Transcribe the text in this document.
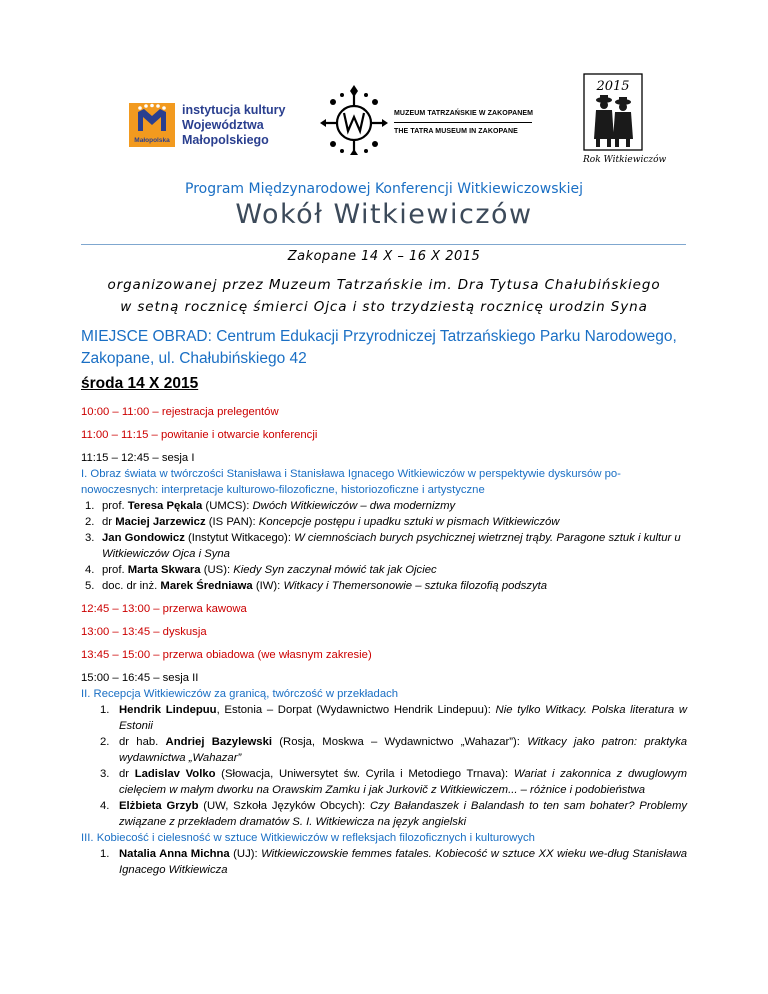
Małopolska
instytucja kultury
Województwa
Małopolskiego
MUZEUM TATRZAŃSKIE W ZAKOPANEM
THE TATRA MUSEUM IN ZAKOPANE
2015
Rok Witkiewiczów
Program Międzynarodowej Konferencji Witkiewiczowskiej
Wokół Witkiewiczów
Zakopane 14 X – 16 X 2015
organizowanej przez Muzeum Tatrzańskie im. Dra Tytusa Chałubińskiego
w setną rocznicę śmierci Ojca i sto trzydziestą rocznicę urodzin Syna
MIEJSCE OBRAD: Centrum Edukacji Przyrodniczej Tatrzańskiego Parku Narodowego,
Zakopane, ul. Chałubińskiego 42
środa 14 X 2015

10:00 – 11:00 – rejestracja prelegentów

11:00 – 11:15 – powitanie i otwarcie konferencji

11:15 – 12:45 – sesja I

I. Obraz świata w twórczości Stanisława i Stanisława Ignacego Witkiewiczów w perspektywie dyskursów po-nowoczesnych: interpretacje kulturowo-filozoficzne, historiozoficzne i artystyczne

1. prof. Teresa Pękala (UMCS): Dwóch Witkiewiczów – dwa modernizmy
2. dr Maciej Jarzewicz (IS PAN): Koncepcje postępu i upadku sztuki w pismach Witkiewiczów
3. Jan Gondowicz (Instytut Witkacego): W ciemnościach burych psychicznej wietrznej trąby. Paragone sztuk i kultur u Witkiewiczów Ojca i Syna
4. prof. Marta Skwara (US): Kiedy Syn zaczynał mówić tak jak Ojciec
5. doc. dr inż. Marek Średniawa (IW): Witkacy i Themersonowie – sztuka filozofią podszyta

12:45 – 13:00 – przerwa kawowa

13:00 – 13:45 – dyskusja

13:45 – 15:00 – przerwa obiadowa (we własnym zakresie)

15:00 – 16:45 – sesja II

II. Recepcja Witkiewiczów za granicą, twórczość w przekładach

1. Hendrik Lindepuu, Estonia – Dorpat (Wydawnictwo Hendrik Lindepuu): Nie tylko Witkacy. Polska literatura w Estonii
2. dr hab. Andriej Bazylewski (Rosja, Moskwa – Wydawnictwo „Wahazar”): Witkacy jako patron: praktyka wydawnictwa „Wahazar”
3. dr Ladislav Volko (Słowacja, Uniwersytet św. Cyrila i Metodiego Trnava): Wariat i zakonnica z dwuglowym cielęciem w małym dworku na Orawskim Zamku i jak Jurkovič z Witkiewiczem... – różnice i podobieństwa
4. Elżbieta Grzyb (UW, Szkoła Języków Obcych): Czy Bałandaszek i Balandash to ten sam bohater? Problemy związane z przekładem dramatów S. I. Witkiewicza na język angielski

III. Kobiecość i cielesność w sztuce Witkiewiczów w refleksjach filozoficznych i kulturowych

1. Natalia Anna Michna (UJ): Witkiewiczowskie femmes fatales. Kobiecość w sztuce XX wieku we-dług Stanisława Ignacego Witkiewicza
